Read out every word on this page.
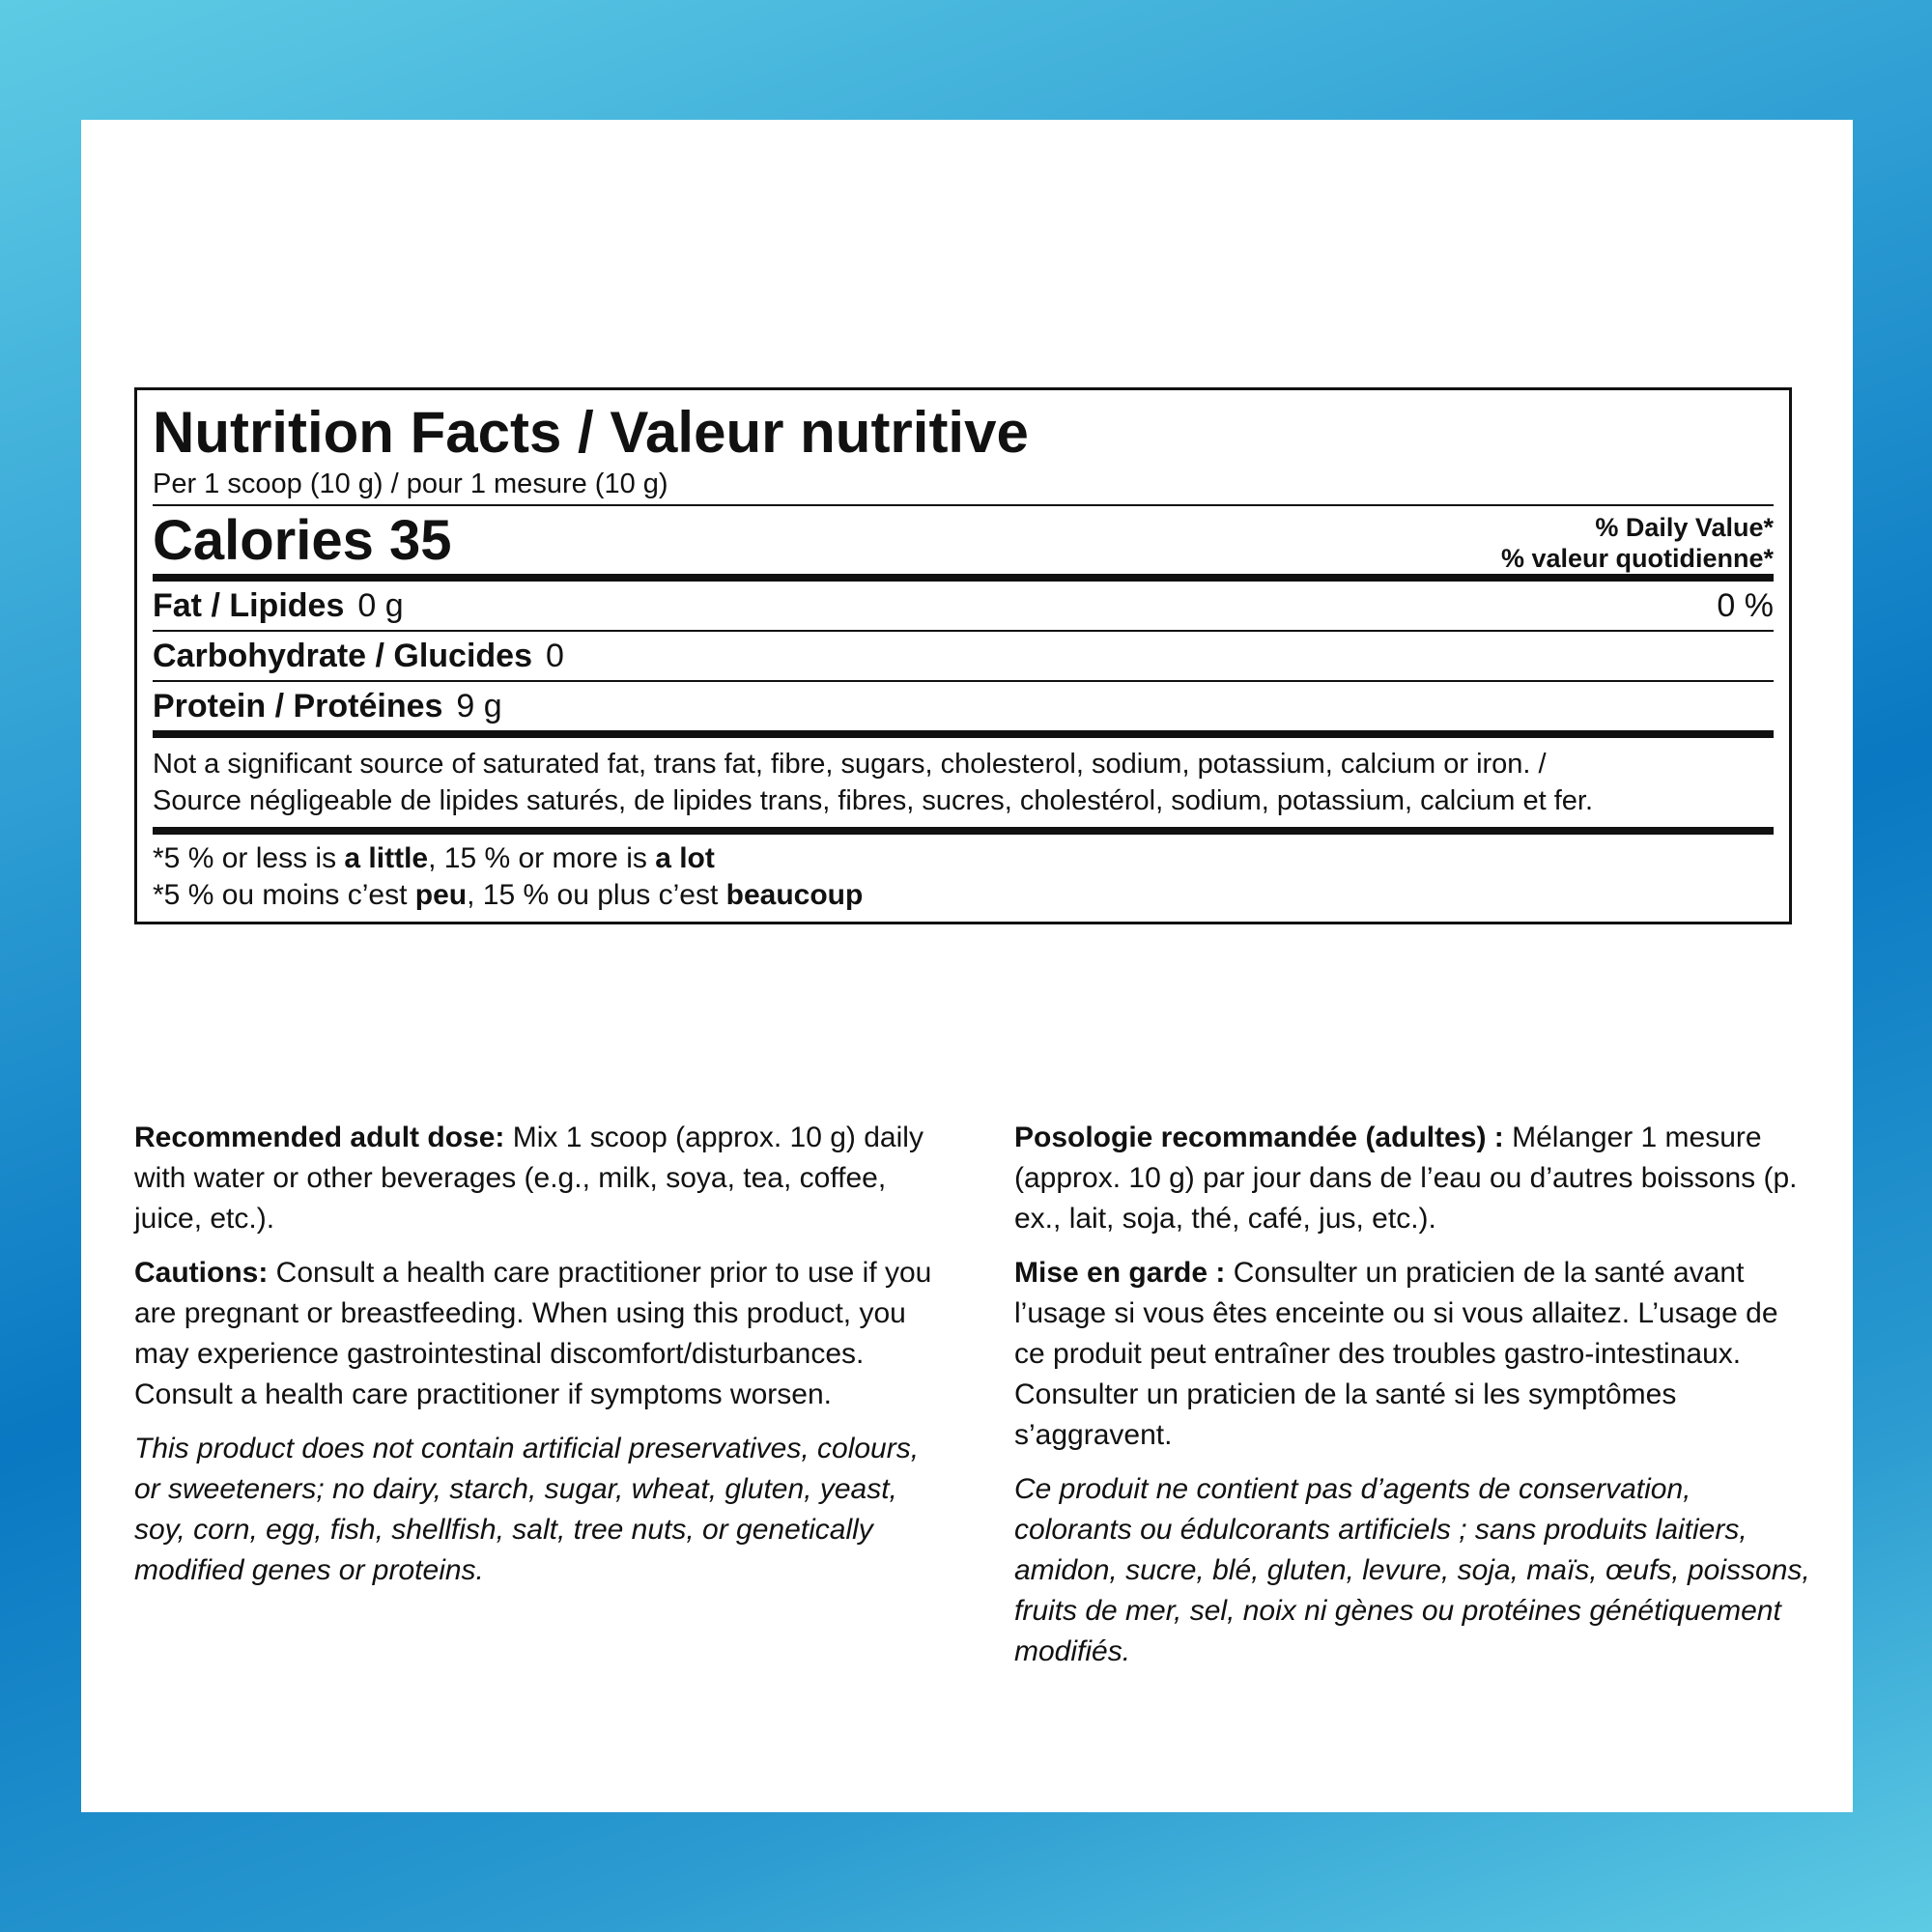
Nutrition Facts / Valeur nutritive
Per 1 scoop (10 g) / pour 1 mesure (10 g)
Calories 35	% Daily Value*
% valeur quotidienne*
Fat / Lipides 0 g	0 %
Carbohydrate / Glucides 0
Protein / Protéines 9 g
Not a significant source of saturated fat, trans fat, fibre, sugars, cholesterol, sodium, potassium, calcium or iron. /
Source négligeable de lipides saturés, de lipides trans, fibres, sucres, cholestérol, sodium, potassium, calcium et fer.
*5 % or less is a little, 15 % or more is a lot
*5 % ou moins c’est peu, 15 % ou plus c’est beaucoup

Recommended adult dose: Mix 1 scoop (approx. 10 g) daily with water or other beverages (e.g., milk, soya, tea, coffee, juice, etc.).

Cautions: Consult a health care practitioner prior to use if you are pregnant or breastfeeding. When using this product, you may experience gastrointestinal discomfort/disturbances. Consult a health care practitioner if symptoms worsen.

This product does not contain artificial preservatives, colours, or sweeteners; no dairy, starch, sugar, wheat, gluten, yeast, soy, corn, egg, fish, shellfish, salt, tree nuts, or genetically modified genes or proteins.

Posologie recommandée (adultes) : Mélanger 1 mesure (approx. 10 g) par jour dans de l’eau ou d’autres boissons (p. ex., lait, soja, thé, café, jus, etc.).

Mise en garde : Consulter un praticien de la santé avant l’usage si vous êtes enceinte ou si vous allaitez. L’usage de ce produit peut entraîner des troubles gastro-intestinaux. Consulter un praticien de la santé si les symptômes s’aggravent.

Ce produit ne contient pas d’agents de conservation, colorants ou édulcorants artificiels ; sans produits laitiers, amidon, sucre, blé, gluten, levure, soja, maïs, œufs, poissons, fruits de mer, sel, noix ni gènes ou protéines génétiquement modifiés.
